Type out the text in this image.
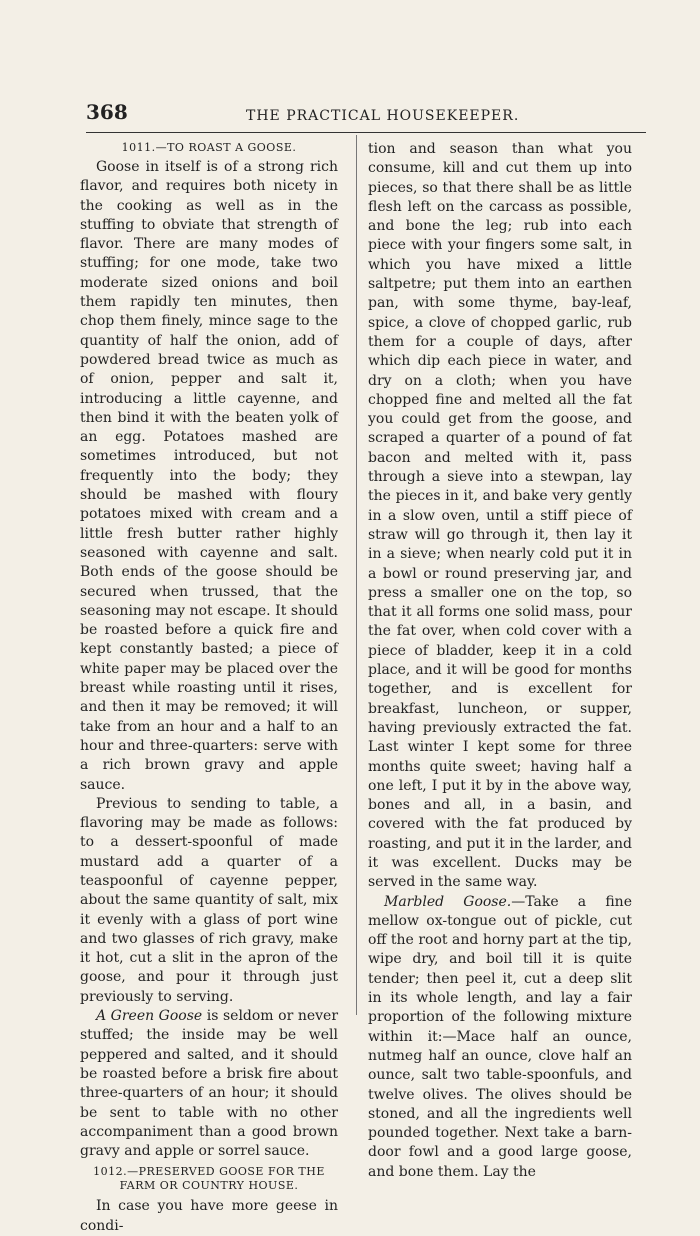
368	THE PRACTICAL HOUSEKEEPER.
1011.—TO ROAST A GOOSE.

Goose in itself is of a strong rich flavor, and requires both nicety in the cooking as well as in the stuffing to obviate that strength of flavor. There are many modes of stuffing; for one mode, take two moderate sized onions and boil them rapidly ten minutes, then chop them finely, mince sage to the quantity of half the onion, add of powdered bread twice as much as of onion, pepper and salt it, introducing a little cayenne, and then bind it with the beaten yolk of an egg. Potatoes mashed are sometimes introduced, but not frequently into the body; they should be mashed with floury potatoes mixed with cream and a little fresh butter rather highly seasoned with cayenne and salt. Both ends of the goose should be secured when trussed, that the seasoning may not escape. It should be roasted before a quick fire and kept constantly basted; a piece of white paper may be placed over the breast while roasting until it rises, and then it may be removed; it will take from an hour and a half to an hour and three-quarters: serve with a rich brown gravy and apple sauce.

Previous to sending to table, a flavoring may be made as follows: to a dessert-spoonful of made mustard add a quarter of a teaspoonful of cayenne pepper, about the same quantity of salt, mix it evenly with a glass of port wine and two glasses of rich gravy, make it hot, cut a slit in the apron of the goose, and pour it through just previously to serving.

A Green Goose is seldom or never stuffed; the inside may be well peppered and salted, and it should be roasted before a brisk fire about three-quarters of an hour; it should be sent to table with no other accompaniment than a good brown gravy and apple or sorrel sauce.

1012.—PRESERVED GOOSE FOR THE FARM OR COUNTRY HOUSE.

In case you have more geese in condi-

tion and season than what you consume, kill and cut them up into pieces, so that there shall be as little flesh left on the carcass as possible, and bone the leg; rub into each piece with your fingers some salt, in which you have mixed a little saltpetre; put them into an earthen pan, with some thyme, bay-leaf, spice, a clove of chopped garlic, rub them for a couple of days, after which dip each piece in water, and dry on a cloth; when you have chopped fine and melted all the fat you could get from the goose, and scraped a quarter of a pound of fat bacon and melted with it, pass through a sieve into a stewpan, lay the pieces in it, and bake very gently in a slow oven, until a stiff piece of straw will go through it, then lay it in a sieve; when nearly cold put it in a bowl or round preserving jar, and press a smaller one on the top, so that it all forms one solid mass, pour the fat over, when cold cover with a piece of bladder, keep it in a cold place, and it will be good for months together, and is excellent for breakfast, luncheon, or supper, having previously extracted the fat. Last winter I kept some for three months quite sweet; having half a one left, I put it by in the above way, bones and all, in a basin, and covered with the fat produced by roasting, and put it in the larder, and it was excellent. Ducks may be served in the same way.

Marbled Goose.—Take a fine mellow ox-tongue out of pickle, cut off the root and horny part at the tip, wipe dry, and boil till it is quite tender; then peel it, cut a deep slit in its whole length, and lay a fair proportion of the following mixture within it:—Mace half an ounce, nutmeg half an ounce, clove half an ounce, salt two table-spoonfuls, and twelve olives. The olives should be stoned, and all the ingredients well pounded together. Next take a barn-door fowl and a good large goose, and bone them. Lay the
